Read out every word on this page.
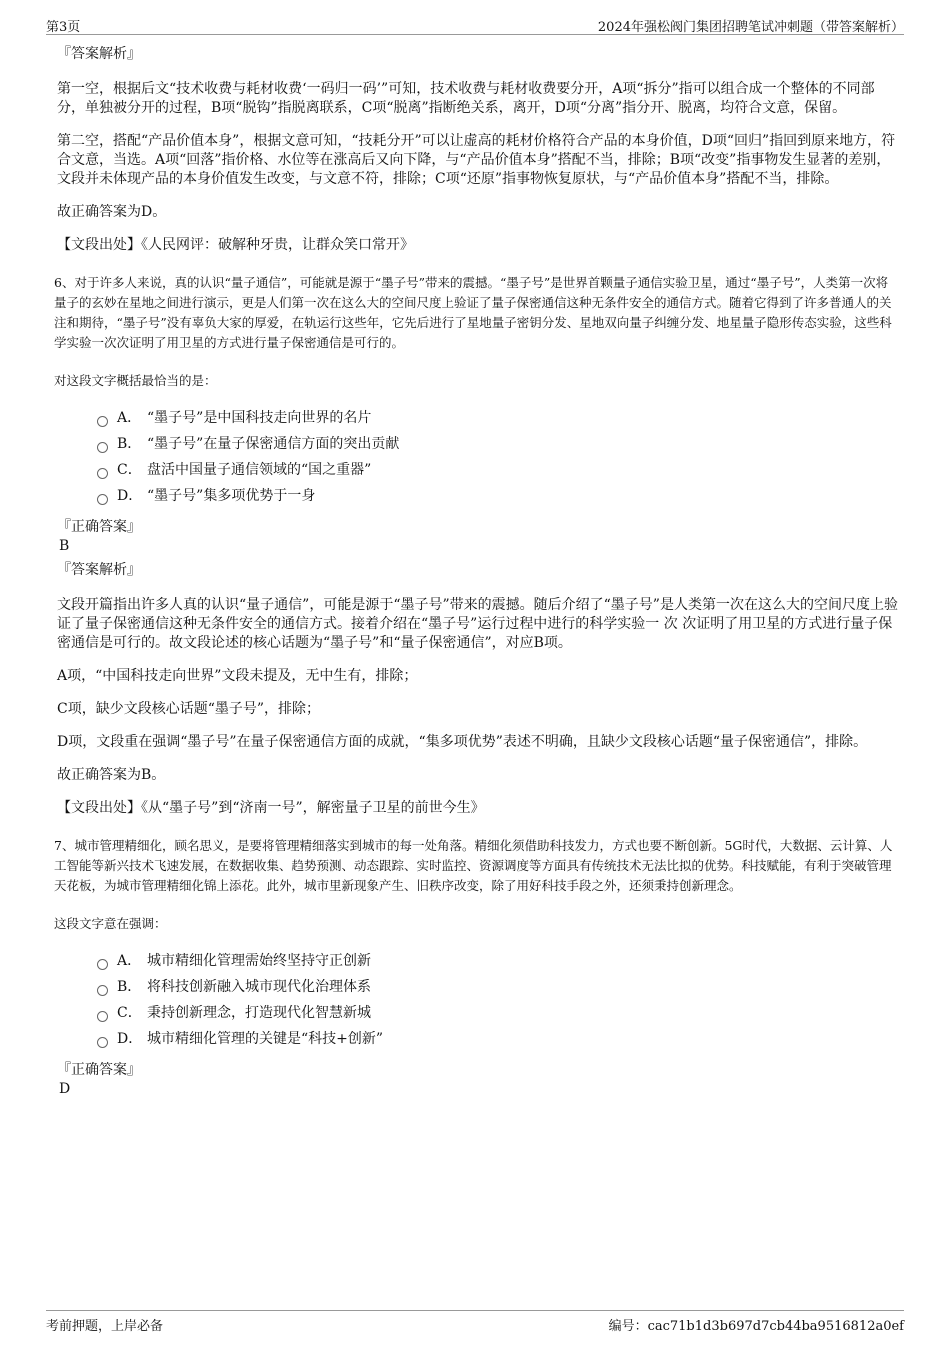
第3页	2024年强松阀门集团招聘笔试冲刺题（带答案解析）
『答案解析』

第一空，根据后文“技术收费与耗材收费‘一码归一码’”可知，技术收费与耗材收费要分开，A项“拆分”指可以组合成一个整体的不同部分，单独被分开的过程，B项“脱钩”指脱离联系，C项“脱离”指断绝关系，离开，D项“分离”指分开、脱离，均符合文意，保留。

第二空，搭配“产品价值本身”，根据文意可知，“技耗分开”可以让虚高的耗材价格符合产品的本身价值，D项“回归”指回到原来地方，符合文意，当选。A项“回落”指价格、水位等在涨高后又向下降，与“产品价值本身”搭配不当，排除；B项“改变”指事物发生显著的差别，文段并未体现产品的本身价值发生改变，与文意不符，排除；C项“还原”指事物恢复原状，与“产品价值本身”搭配不当，排除。

故正确答案为D。

【文段出处】《人民网评：破解种牙贵，让群众笑口常开》

6、对于许多人来说，真的认识“量子通信”，可能就是源于“墨子号”带来的震撼。“墨子号”是世界首颗量子通信实验卫星，通过“墨子号”，人类第一次将量子的玄妙在星地之间进行演示，更是人们第一次在这么大的空间尺度上验证了量子保密通信这种无条件安全的通信方式。随着它得到了许多普通人的关注和期待，“墨子号”没有辜负大家的厚爱，在轨运行这些年，它先后进行了星地量子密钥分发、星地双向量子纠缠分发、地星量子隐形传态实验，这些科学实验一次次证明了用卫星的方式进行量子保密通信是可行的。

对这段文字概括最恰当的是：
A． “墨子号”是中国科技走向世界的名片
B． “墨子号”在量子保密通信方面的突出贡献
C． 盘活中国量子通信领域的“国之重器”
D． “墨子号”集多项优势于一身
『正确答案』
B
『答案解析』

文段开篇指出许多人真的认识“量子通信”，可能是源于“墨子号”带来的震撼。随后介绍了“墨子号”是人类第一次在这么大的空间尺度上验证了量子保密通信这种无条件安全的通信方式。接着介绍在“墨子号”运行过程中进行的科学实验一 次 次证明了用卫星的方式进行量子保密通信是可行的。故文段论述的核心话题为“墨子号”和“量子保密通信”，对应B项。

A项，“中国科技走向世界”文段未提及，无中生有，排除；

C项，缺少文段核心话题“墨子号”，排除；

D项，文段重在强调“墨子号”在量子保密通信方面的成就，“集多项优势”表述不明确，且缺少文段核心话题“量子保密通信”，排除。

故正确答案为B。

【文段出处】《从“墨子号”到“济南一号”，解密量子卫星的前世今生》

7、城市管理精细化，顾名思义，是要将管理精细落实到城市的每一处角落。精细化须借助科技发力，方式也要不断创新。5G时代，大数据、云计算、人工智能等新兴技术飞速发展，在数据收集、趋势预测、动态跟踪、实时监控、资源调度等方面具有传统技术无法比拟的优势。科技赋能，有利于突破管理天花板，为城市管理精细化锦上添花。此外，城市里新现象产生、旧秩序改变，除了用好科技手段之外，还须秉持创新理念。

这段文字意在强调：
A． 城市精细化管理需始终坚持守正创新
B． 将科技创新融入城市现代化治理体系
C． 秉持创新理念，打造现代化智慧新城
D． 城市精细化管理的关键是“科技+创新”
『正确答案』
D
考前押题，上岸必备	编号：cac71b1d3b697d7cb44ba9516812a0ef
